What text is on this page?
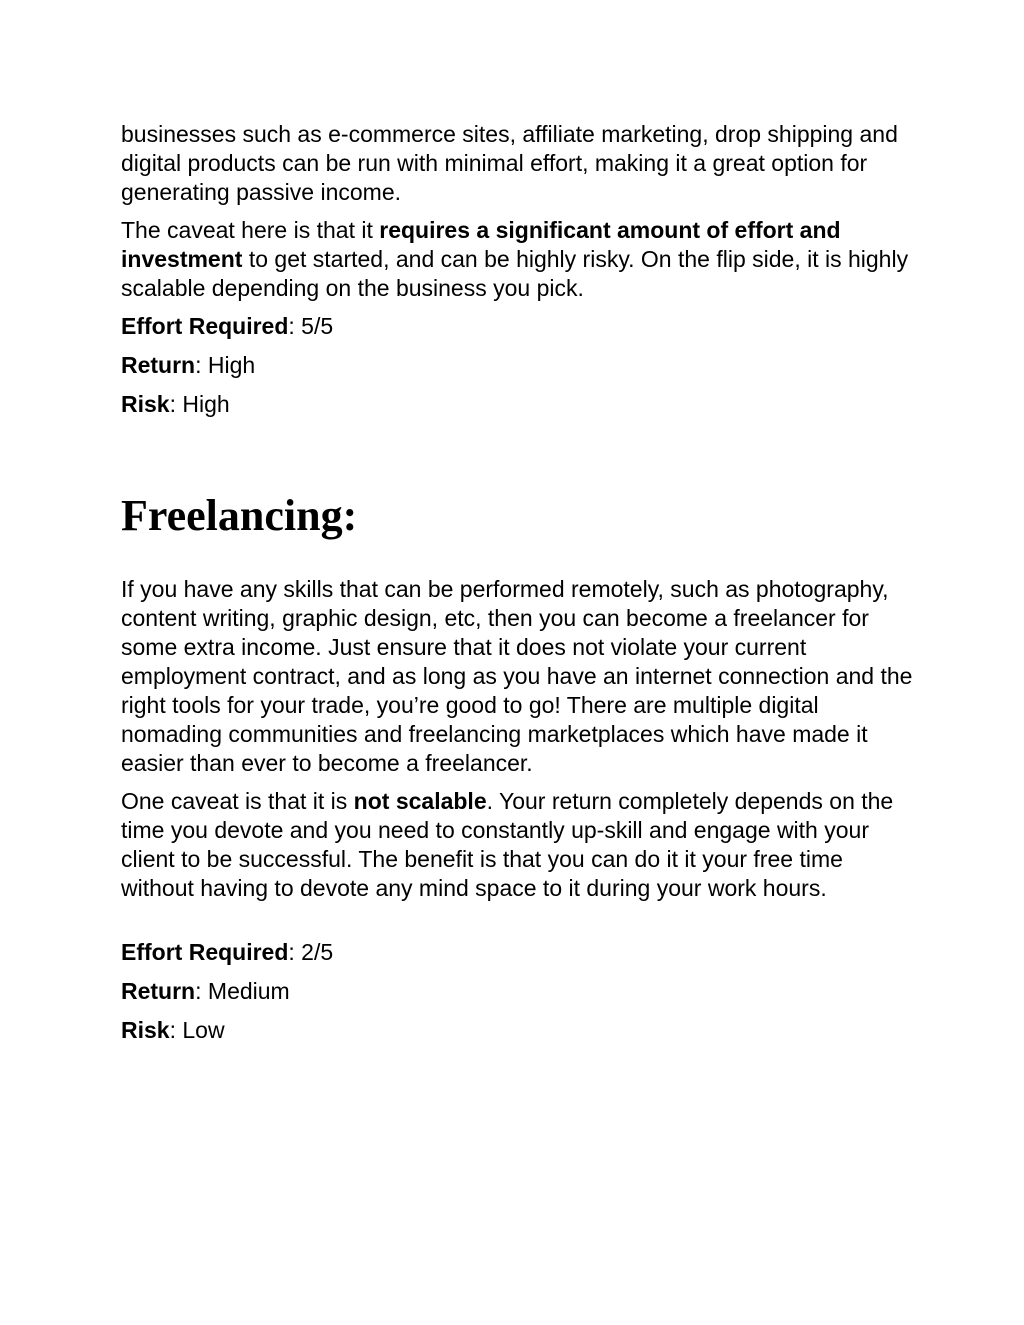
businesses such as e-commerce sites, affiliate marketing, drop shipping and digital products can be run with minimal effort, making it a great option for generating passive income.

The caveat here is that it requires a significant amount of effort and investment to get started, and can be highly risky. On the flip side, it is highly scalable depending on the business you pick.

Effort Required: 5/5

Return: High

Risk: High

Freelancing:

If you have any skills that can be performed remotely, such as photography, content writing, graphic design, etc, then you can become a freelancer for some extra income. Just ensure that it does not violate your current employment contract, and as long as you have an internet connection and the right tools for your trade, you’re good to go! There are multiple digital nomading communities and freelancing marketplaces which have made it easier than ever to become a freelancer.

One caveat is that it is not scalable. Your return completely depends on the time you devote and you need to constantly up-skill and engage with your client to be successful. The benefit is that you can do it it your free time without having to devote any mind space to it during your work hours.

Effort Required: 2/5

Return: Medium

Risk: Low
